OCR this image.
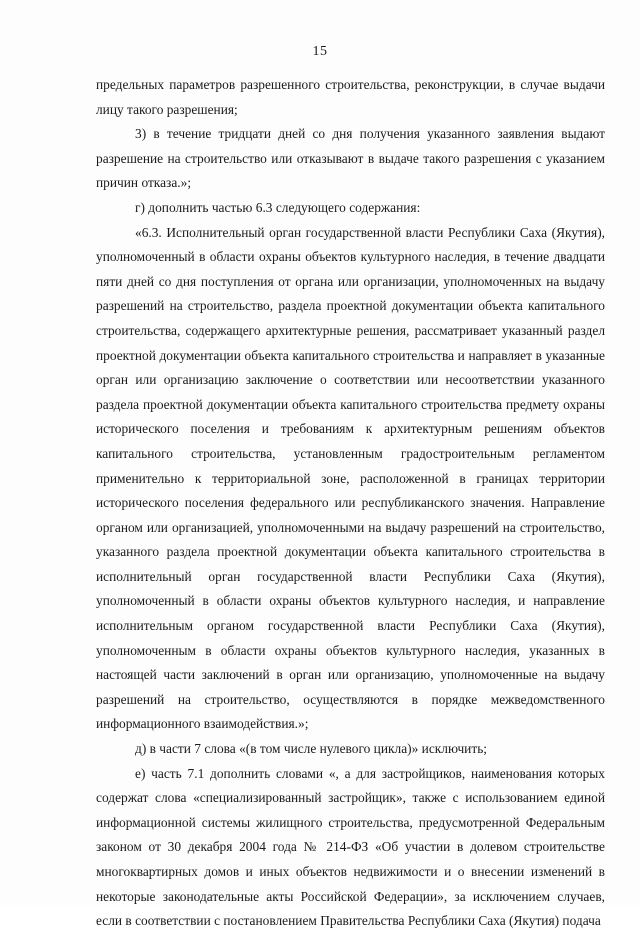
15

предельных параметров разрешенного строительства, реконструкции, в случае выдачи лицу такого разрешения;

3) в течение тридцати дней со дня получения указанного заявления выдают разрешение на строительство или отказывают в выдаче такого разрешения с указанием причин отказа.»;

г) дополнить частью 6.3 следующего содержания:

«6.3. Исполнительный орган государственной власти Республики Саха (Якутия), уполномоченный в области охраны объектов культурного наследия, в течение двадцати пяти дней со дня поступления от органа или организации, уполномоченных на выдачу разрешений на строительство, раздела проектной документации объекта капитального строительства, содержащего архитектурные решения, рассматривает указанный раздел проектной документации объекта капитального строительства и направляет в указанные орган или организацию заключение о соответствии или несоответствии указанного раздела проектной документации объекта капитального строительства предмету охраны исторического поселения и требованиям к архитектурным решениям объектов капитального строительства, установленным градостроительным регламентом применительно к территориальной зоне, расположенной в границах территории исторического поселения федерального или республиканского значения. Направление органом или организацией, уполномоченными на выдачу разрешений на строительство, указанного раздела проектной документации объекта капитального строительства в исполнительный орган государственной власти Республики Саха (Якутия), уполномоченный в области охраны объектов культурного наследия, и направление исполнительным органом государственной власти Республики Саха (Якутия), уполномоченным в области охраны объектов культурного наследия, указанных в настоящей части заключений в орган или организацию, уполномоченные на выдачу разрешений на строительство, осуществляются в порядке межведомственного информационного взаимодействия.»;

д) в части 7 слова «(в том числе нулевого цикла)» исключить;

е) часть 7.1 дополнить словами «, а для застройщиков, наименования которых содержат слова «специализированный застройщик», также с использованием единой информационной системы жилищного строительства, предусмотренной Федеральным законом от 30 декабря 2004 года № 214-ФЗ «Об участии в долевом строительстве многоквартирных домов и иных объектов недвижимости и о внесении изменений в некоторые законодательные акты Российской Федерации», за исключением случаев, если в соответствии с постановлением Правительства Республики Саха (Якутия) подача
